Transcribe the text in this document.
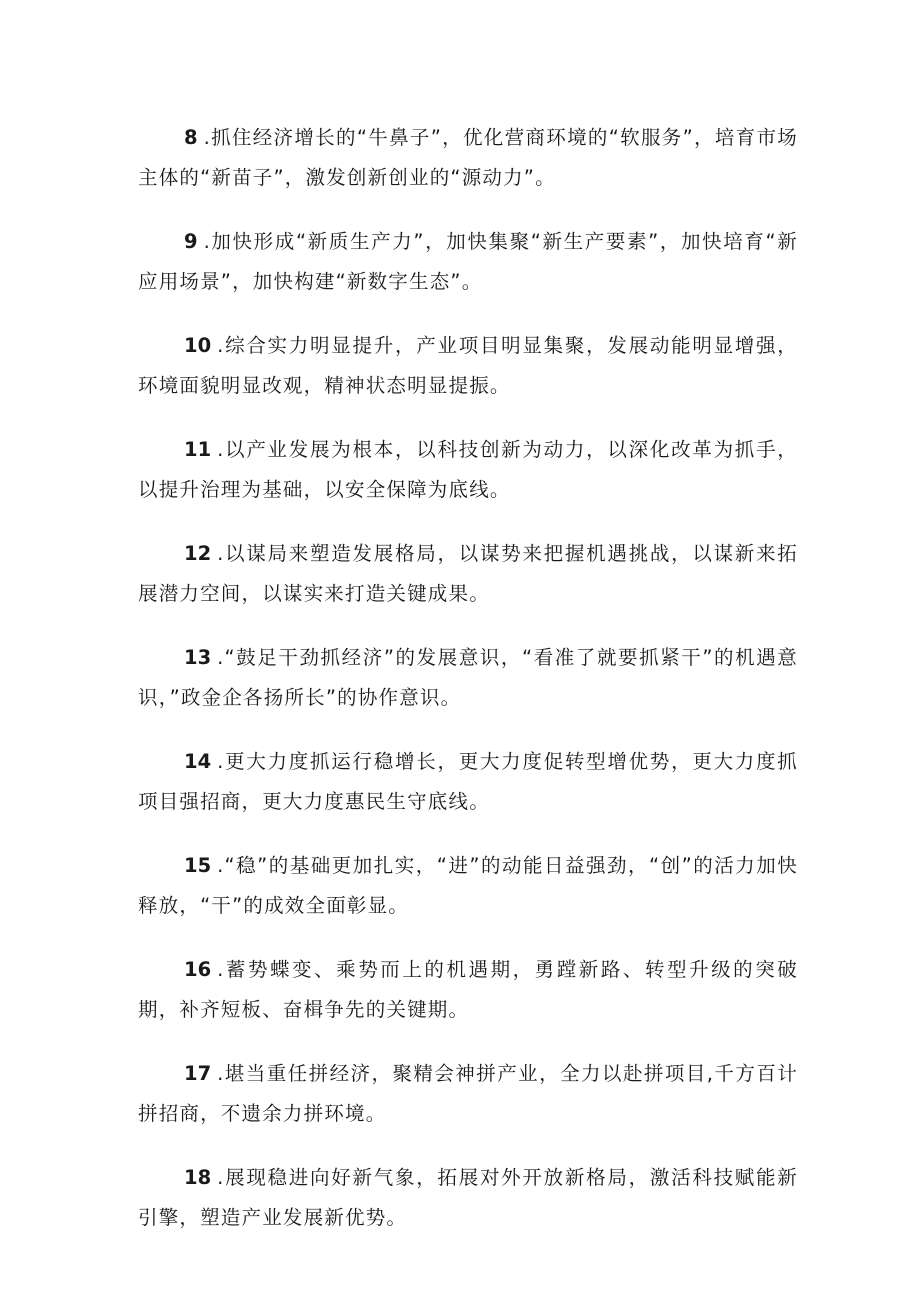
8 .抓住经济增长的“牛鼻子”，优化营商环境的“软服务”，培育市场主体的“新苗子”，激发创新创业的“源动力”。

9 .加快形成“新质生产力”，加快集聚“新生产要素”，加快培育“新应用场景”，加快构建“新数字生态”。

10 .综合实力明显提升，产业项目明显集聚，发展动能明显增强，环境面貌明显改观，精神状态明显提振。

11 .以产业发展为根本，以科技创新为动力，以深化改革为抓手，以提升治理为基础，以安全保障为底线。

12 .以谋局来塑造发展格局，以谋势来把握机遇挑战，以谋新来拓展潜力空间，以谋实来打造关键成果。

13 .“鼓足干劲抓经济”的发展意识，“看准了就要抓紧干”的机遇意识，”政金企各扬所长”的协作意识。

14 .更大力度抓运行稳增长，更大力度促转型增优势，更大力度抓项目强招商，更大力度惠民生守底线。

15 .“稳”的基础更加扎实，“进”的动能日益强劲，“创”的活力加快释放，“干”的成效全面彰显。

16 .蓄势蝶变、乘势而上的机遇期，勇蹚新路、转型升级的突破期，补齐短板、奋楫争先的关键期。

17 .堪当重任拼经济，聚精会神拼产业，全力以赴拼项目,千方百计拼招商，不遗余力拼环境。

18 .展现稳进向好新气象，拓展对外开放新格局，激活科技赋能新引擎，塑造产业发展新优势。
